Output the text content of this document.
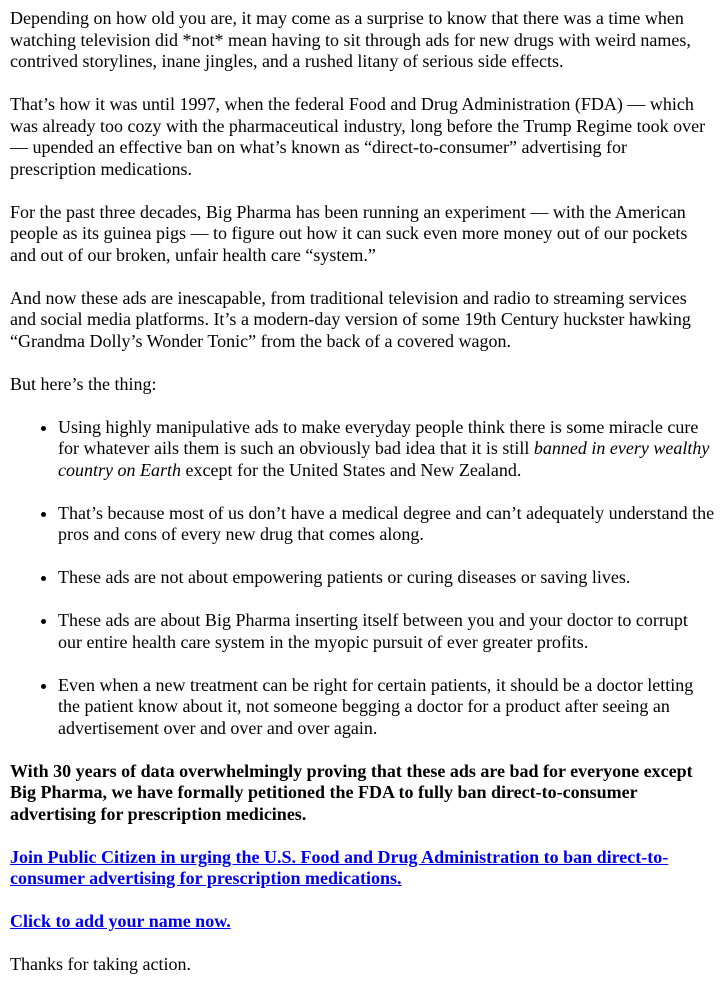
Depending on how old you are, it may come as a surprise to know that there was a time when watching television did *not* mean having to sit through ads for new drugs with weird names, contrived storylines, inane jingles, and a rushed litany of serious side effects.

That’s how it was until 1997, when the federal Food and Drug Administration (FDA) — which was already too cozy with the pharmaceutical industry, long before the Trump Regime took over — upended an effective ban on what’s known as “direct-to-consumer” advertising for prescription medications.

For the past three decades, Big Pharma has been running an experiment — with the American people as its guinea pigs — to figure out how it can suck even more money out of our pockets and out of our broken, unfair health care “system.”

And now these ads are inescapable, from traditional television and radio to streaming services and social media platforms. It’s a modern-day version of some 19th Century huckster hawking “Grandma Dolly’s Wonder Tonic” from the back of a covered wagon.

But here’s the thing:

• Using highly manipulative ads to make everyday people think there is some miracle cure for whatever ails them is such an obviously bad idea that it is still banned in every wealthy country on Earth except for the United States and New Zealand.
• That’s because most of us don’t have a medical degree and can’t adequately understand the pros and cons of every new drug that comes along.
• These ads are not about empowering patients or curing diseases or saving lives.
• These ads are about Big Pharma inserting itself between you and your doctor to corrupt our entire health care system in the myopic pursuit of ever greater profits.
• Even when a new treatment can be right for certain patients, it should be a doctor letting the patient know about it, not someone begging a doctor for a product after seeing an advertisement over and over and over again.

With 30 years of data overwhelmingly proving that these ads are bad for everyone except Big Pharma, we have formally petitioned the FDA to fully ban direct-to-consumer advertising for prescription medicines.

Join Public Citizen in urging the U.S. Food and Drug Administration to ban direct-to-consumer advertising for prescription medications.

Click to add your name now.

Thanks for taking action.
